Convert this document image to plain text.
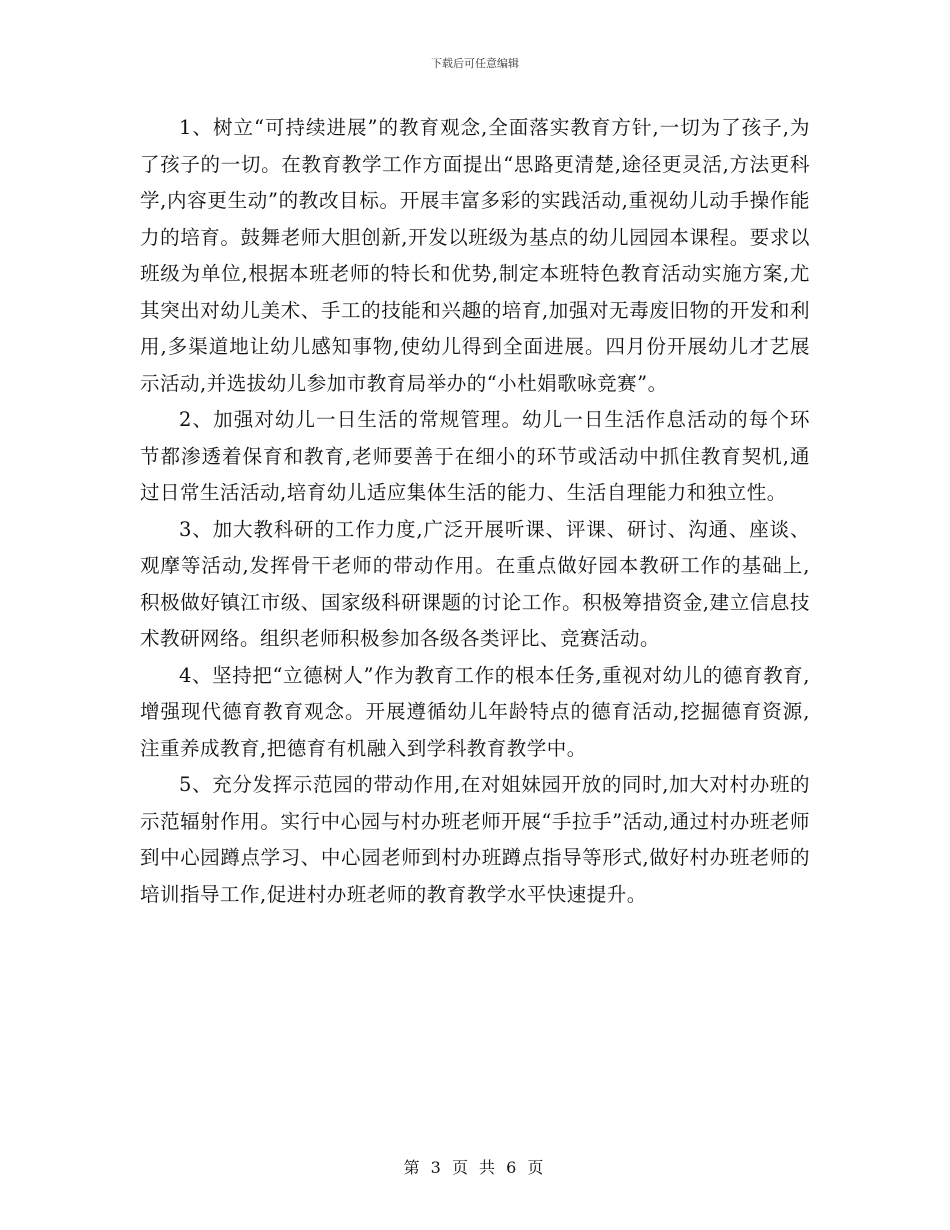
下载后可任意编辑

1、树立“可持续进展”的教育观念,全面落实教育方针,一切为了孩子,为了孩子的一切。在教育教学工作方面提出“思路更清楚,途径更灵活,方法更科学,内容更生动”的教改目标。开展丰富多彩的实践活动,重视幼儿动手操作能力的培育。鼓舞老师大胆创新,开发以班级为基点的幼儿园园本课程。要求以班级为单位,根据本班老师的特长和优势,制定本班特色教育活动实施方案,尤其突出对幼儿美术、手工的技能和兴趣的培育,加强对无毒废旧物的开发和利用,多渠道地让幼儿感知事物,使幼儿得到全面进展。四月份开展幼儿才艺展示活动,并选拔幼儿参加市教育局举办的“小杜娟歌咏竞赛”。

2、加强对幼儿一日生活的常规管理。幼儿一日生活作息活动的每个环节都渗透着保育和教育,老师要善于在细小的环节或活动中抓住教育契机,通过日常生活活动,培育幼儿适应集体生活的能力、生活自理能力和独立性。

3、加大教科研的工作力度,广泛开展听课、评课、研讨、沟通、座谈、观摩等活动,发挥骨干老师的带动作用。在重点做好园本教研工作的基础上,积极做好镇江市级、国家级科研课题的讨论工作。积极筹措资金,建立信息技术教研网络。组织老师积极参加各级各类评比、竞赛活动。

4、坚持把“立德树人”作为教育工作的根本任务,重视对幼儿的德育教育,增强现代德育教育观念。开展遵循幼儿年龄特点的德育活动,挖掘德育资源,注重养成教育,把德育有机融入到学科教育教学中。

5、充分发挥示范园的带动作用,在对姐妹园开放的同时,加大对村办班的示范辐射作用。实行中心园与村办班老师开展“手拉手”活动,通过村办班老师到中心园蹲点学习、中心园老师到村办班蹲点指导等形式,做好村办班老师的培训指导工作,促进村办班老师的教育教学水平快速提升。

第 3 页 共 6 页
